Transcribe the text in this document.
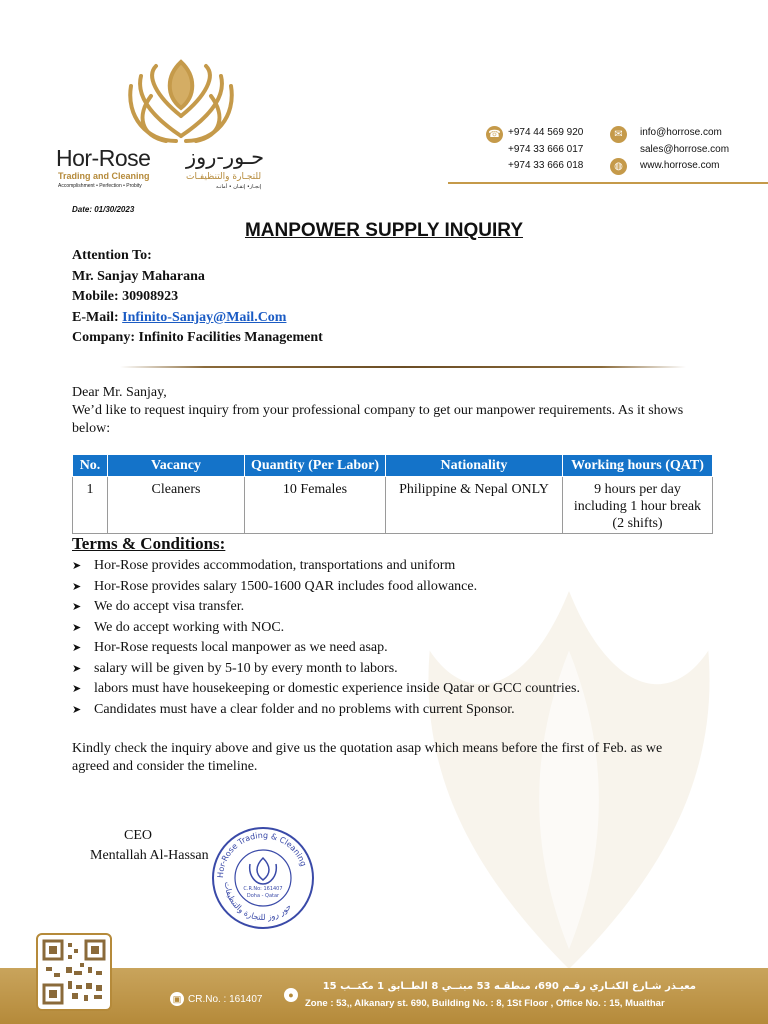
Hor-Rose
Trading and Cleaning
Accomplishment • Perfection • Probity
حـور-روز
للتجـارة والتنظيفـات
إنجـاز• إتقـان • أمانـه
☎ +974 44 569 920
+974 33 666 017
+974 33 666 018
✉	info@horrose.com
sales@horrose.com
◍	www.horrose.com
Date: 01/30/2023
MANPOWER SUPPLY INQUIRY
Attention To:
Mr. Sanjay Maharana
Mobile: 30908923
E-Mail: Infinito-Sanjay@Mail.Com
Company: Infinito Facilities Management
Dear Mr. Sanjay,
We’d like to request inquiry from your professional company to get our manpower requirements. As it shows below:
No.	Vacancy	Quantity (Per Labor)	Nationality	Working hours (QAT)
1	Cleaners	10 Females	Philippine & Nepal ONLY	9 hours per day including 1 hour break (2 shifts)
Terms & Conditions:
➤ Hor-Rose provides accommodation, transportations and uniform
➤ Hor-Rose provides salary 1500-1600 QAR includes food allowance.
➤ We do accept visa transfer.
➤ We do accept working with NOC.
➤ Hor-Rose requests local manpower as we need asap.
➤ salary will be given by 5-10 by every month to labors.
➤ labors must have housekeeping or domestic experience inside Qatar or GCC countries.
➤ Candidates must have a clear folder and no problems with current Sponsor.
Kindly check the inquiry above and give us the quotation asap which means before the first of Feb. as we agreed and consider the timeline.
CEO
Mentallah Al-Hassan
Hor-Rose Trading & Cleaning
حور روز للتجارة والتنظيفات
C.R.No: 161407
Doha - Qatar
▣ CR.No. : 161407	●
معيـذر شـارع الكنـاري رقـم 690، منطقـه 53 مبنــي 8 الطــابق 1 مكتــب 15
Zone : 53,, Alkanary st. 690, Building No. : 8, 1St Floor , Office No. : 15, Muaithar
